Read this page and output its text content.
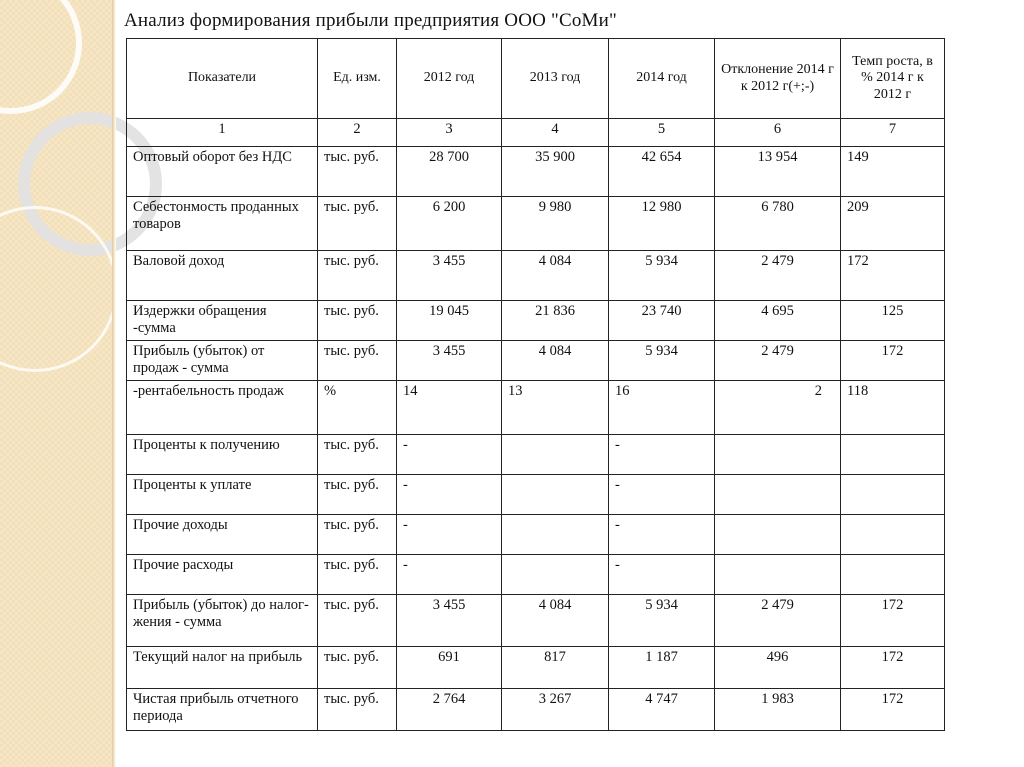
Анализ формирования прибыли предприятия ООО "СоМи"
Показатели	Ед. изм.	2012 год	2013 год	2014 год	Отклонение 2014 г к 2012 г(+;-)	Темп роста, в % 2014 г к 2012 г
1	2	3	4	5	6	7
Оптовый оборот без НДС	тыс. руб.	28 700	35 900	42 654	13 954	149
Себестонмость проданных товаров	тыс. руб.	6 200	9 980	12 980	6 780	209
Валовой доход	тыс. руб.	3 455	4 084	5 934	2 479	172
Издержки обращения -сумма	тыс. руб.	19 045	21 836	23 740	4 695	125
Прибыль (убыток) от продаж - сумма	тыс. руб.	3 455	4 084	5 934	2 479	172
-рентабельность продаж	%	14	13	16	2	118
Проценты к получению	тыс. руб.	-		-		
Проценты к уплате	тыс. руб.	-		-		
Прочие доходы	тыс. руб.	-		-		
Прочие расходы	тыс. руб.	-		-		
Прибыль (убыток) до налог-жения - сумма	тыс. руб.	3 455	4 084	5 934	2 479	172
Текущий налог на прибыль	тыс. руб.	691	817	1 187	496	172
Чистая прибыль отчетного периода	тыс. руб.	2 764	3 267	4 747	1 983	172
